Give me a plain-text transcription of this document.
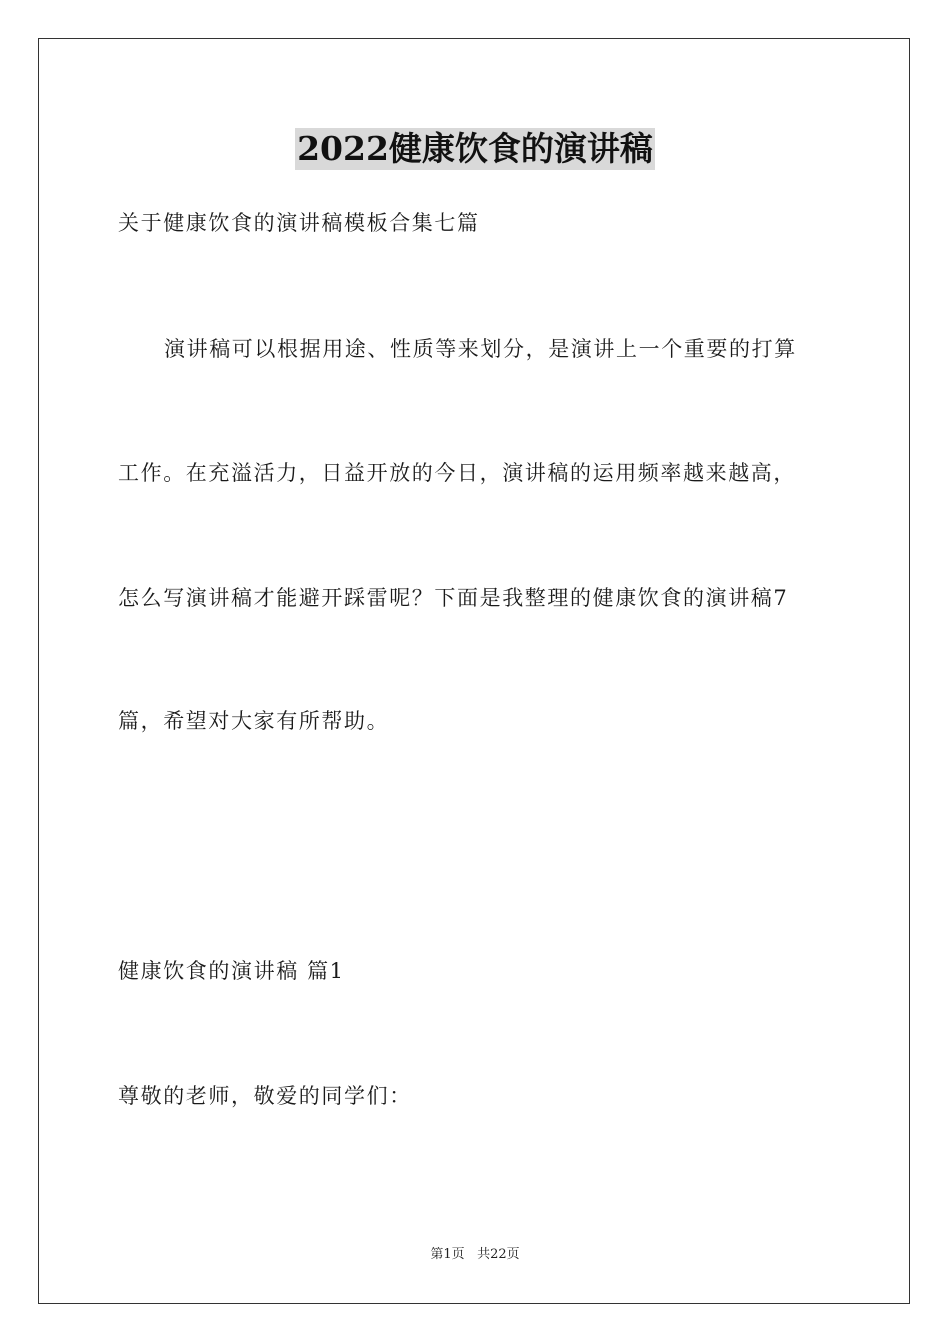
2022健康饮食的演讲稿
关于健康饮食的演讲稿模板合集七篇
演讲稿可以根据用途、性质等来划分，是演讲上一个重要的打算
工作。在充溢活力，日益开放的今日，演讲稿的运用频率越来越高，
怎么写演讲稿才能避开踩雷呢？下面是我整理的健康饮食的演讲稿7
篇，希望对大家有所帮助。
健康饮食的演讲稿 篇1
尊敬的老师，敬爱的同学们：
第1页 共22页
